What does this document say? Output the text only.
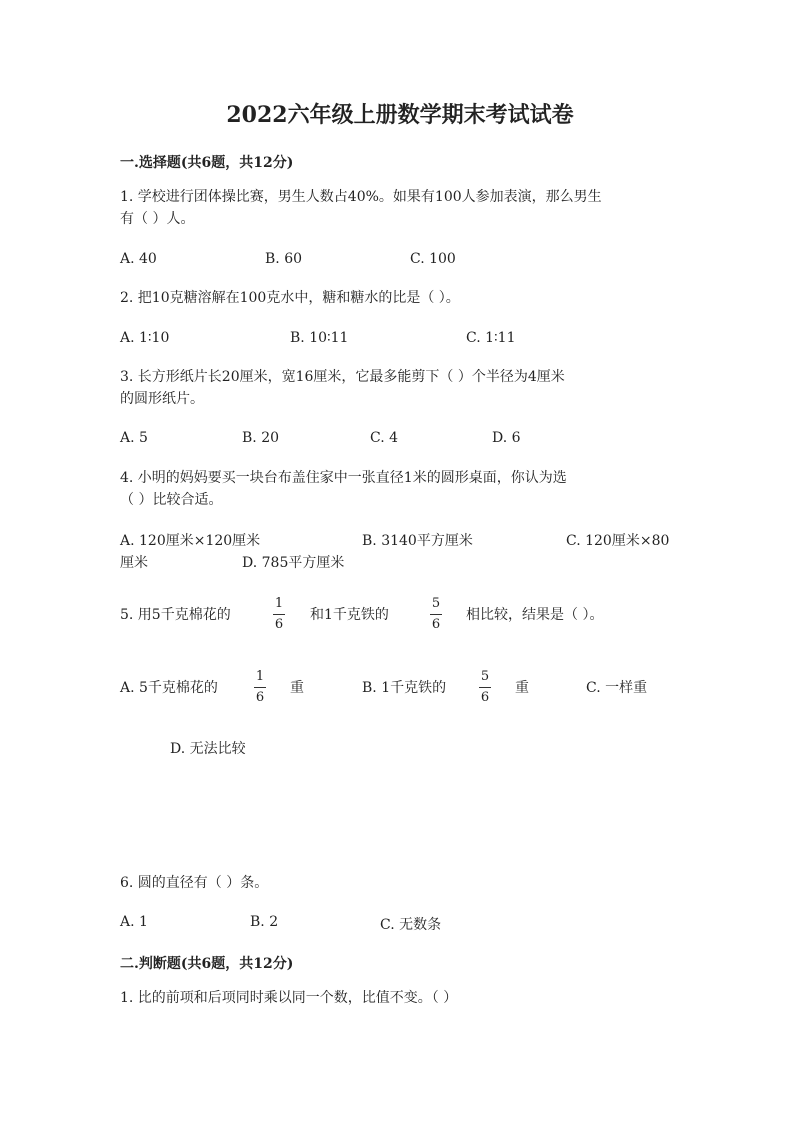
2022六年级上册数学期末考试试卷
一.选择题(共6题，共12分)
1. 学校进行团体操比赛，男生人数占40%。如果有100人参加表演，那么男生
有（ ）人。
A. 40	B. 60	C. 100
2. 把10克糖溶解在100克水中，糖和糖水的比是（ ）。
A. 1∶10	B. 10∶11	C. 1∶11
3. 长方形纸片长20厘米，宽16厘米，它最多能剪下（ ）个半径为4厘米
的圆形纸片。
A. 5	B. 20	C. 4	D. 6
4. 小明的妈妈要买一块台布盖住家中一张直径1米的圆形桌面，你认为选
（ ）比较合适。
A. 120厘米×120厘米	B. 3140平方厘米	C. 120厘米×80
厘米	D. 785平方厘米
5. 用5千克棉花的
1
6
和1千克铁的
5
6
相比较，结果是（ ）。
A. 5千克棉花的
1
6
重	B. 1千克铁的
5
6
重	C. 一样重
D. 无法比较
6. 圆的直径有（ ）条。
A. 1	B. 2	C. 无数条
二.判断题(共6题，共12分)
1. 比的前项和后项同时乘以同一个数，比值不变。（ ）
